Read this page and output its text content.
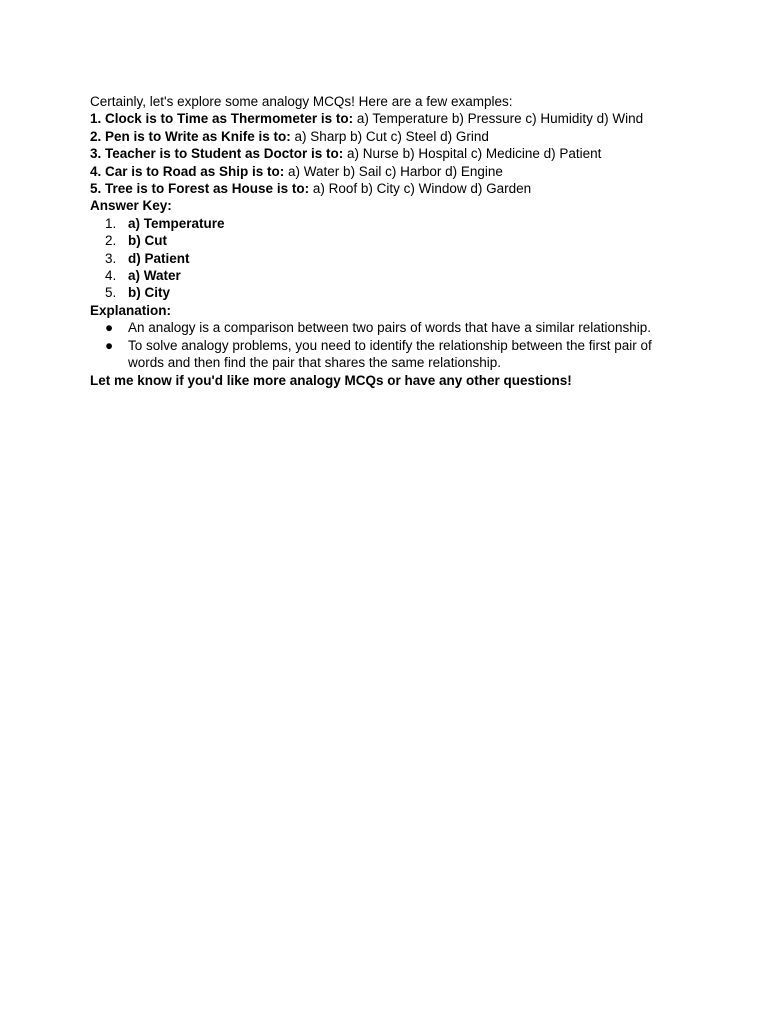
Certainly, let's explore some analogy MCQs! Here are a few examples:
1. Clock is to Time as Thermometer is to: a) Temperature b) Pressure c) Humidity d) Wind
2. Pen is to Write as Knife is to: a) Sharp b) Cut c) Steel d) Grind
3. Teacher is to Student as Doctor is to: a) Nurse b) Hospital c) Medicine d) Patient
4. Car is to Road as Ship is to: a) Water b) Sail c) Harbor d) Engine
5. Tree is to Forest as House is to: a) Roof b) City c) Window d) Garden
Answer Key:
1. a) Temperature
2. b) Cut
3. d) Patient
4. a) Water
5. b) City
Explanation:
● An analogy is a comparison between two pairs of words that have a similar relationship.
● To solve analogy problems, you need to identify the relationship between the first pair of words and then find the pair that shares the same relationship.
Let me know if you'd like more analogy MCQs or have any other questions!
